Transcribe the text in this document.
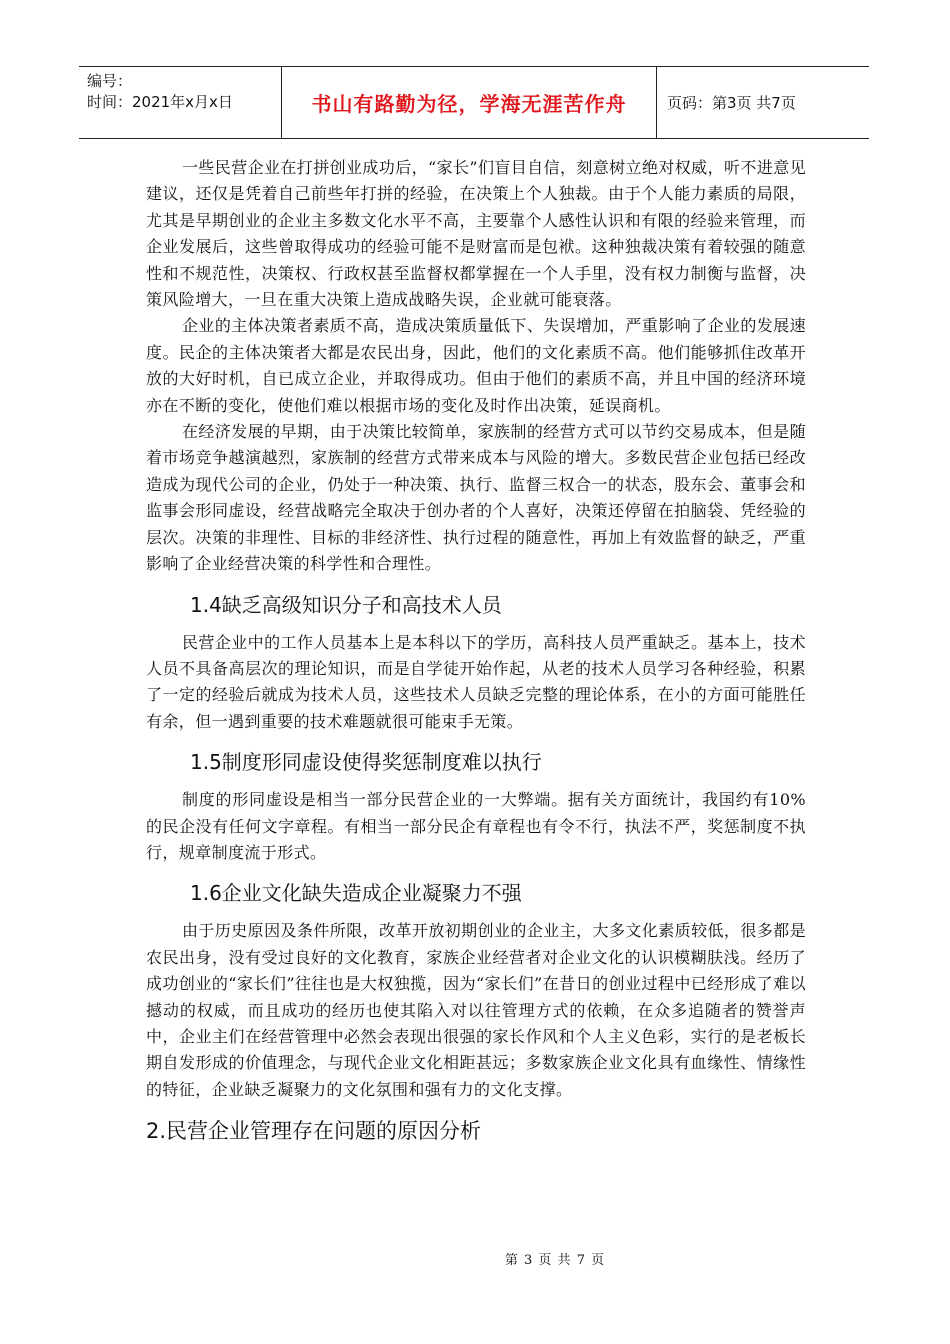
编号：
时间：2021年x月x日	书山有路勤为径，学海无涯苦作舟	页码：第3页 共7页

一些民营企业在打拼创业成功后，“家长”们盲目自信，刻意树立绝对权威，听不进意见建议，还仅是凭着自己前些年打拼的经验，在决策上个人独裁。由于个人能力素质的局限，尤其是早期创业的企业主多数文化水平不高，主要靠个人感性认识和有限的经验来管理，而企业发展后，这些曾取得成功的经验可能不是财富而是包袱。这种独裁决策有着较强的随意性和不规范性，决策权、行政权甚至监督权都掌握在一个人手里，没有权力制衡与监督，决策风险增大，一旦在重大决策上造成战略失误，企业就可能衰落。

企业的主体决策者素质不高，造成决策质量低下、失误增加，严重影响了企业的发展速度。民企的主体决策者大都是农民出身，因此，他们的文化素质不高。他们能够抓住改革开放的大好时机，自已成立企业，并取得成功。但由于他们的素质不高，并且中国的经济环境亦在不断的变化，使他们难以根据市场的变化及时作出决策，延误商机。

在经济发展的早期，由于决策比较简单，家族制的经营方式可以节约交易成本，但是随着市场竞争越演越烈，家族制的经营方式带来成本与风险的增大。多数民营企业包括已经改造成为现代公司的企业，仍处于一种决策、执行、监督三权合一的状态，股东会、董事会和监事会形同虚设，经营战略完全取决于创办者的个人喜好，决策还停留在拍脑袋、凭经验的层次。决策的非理性、目标的非经济性、执行过程的随意性，再加上有效监督的缺乏，严重影响了企业经营决策的科学性和合理性。

1.4缺乏高级知识分子和高技术人员

民营企业中的工作人员基本上是本科以下的学历，高科技人员严重缺乏。基本上，技术人员不具备高层次的理论知识，而是自学徒开始作起，从老的技术人员学习各种经验，积累了一定的经验后就成为技术人员，这些技术人员缺乏完整的理论体系，在小的方面可能胜任有余，但一遇到重要的技术难题就很可能束手无策。

1.5制度形同虚设使得奖惩制度难以执行

制度的形同虚设是相当一部分民营企业的一大弊端。据有关方面统计，我国约有10%的民企没有任何文字章程。有相当一部分民企有章程也有令不行，执法不严，奖惩制度不执行，规章制度流于形式。

1.6企业文化缺失造成企业凝聚力不强

由于历史原因及条件所限，改革开放初期创业的企业主，大多文化素质较低，很多都是农民出身，没有受过良好的文化教育，家族企业经营者对企业文化的认识模糊肤浅。经历了成功创业的“家长们”往往也是大权独揽，因为“家长们”在昔日的创业过程中已经形成了难以撼动的权威，而且成功的经历也使其陷入对以往管理方式的依赖，在众多追随者的赞誉声中，企业主们在经营管理中必然会表现出很强的家长作风和个人主义色彩，实行的是老板长期自发形成的价值理念，与现代企业文化相距甚远；多数家族企业文化具有血缘性、情缘性的特征，企业缺乏凝聚力的文化氛围和强有力的文化支撑。

2.民营企业管理存在问题的原因分析
第 3 页 共 7 页
